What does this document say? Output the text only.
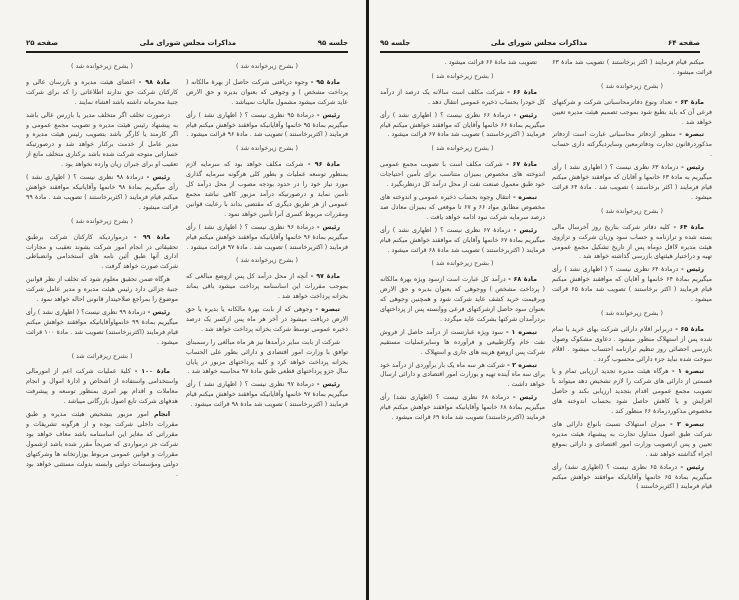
صفحه ۲۵	مذاکرات مجلس شورای ملی	جلسه ۹۵

( بشرح زیرخوانده شد )

مادهٔ ۹۵ - وجوه دریافتی شرکت حاصل از بهرهٔ مالکانه ( پرداخت مشخص ) و وجوهی که بعنوان بدیره و حق الارض عاید شرکت میشود مشمول مالیات نمیباشد .

رئیس - درمادهٔ ۹۵ نظری نیست ؟ ( اظهاری نشد ) رأی میگیریم بمادهٔ ۹۵ خانمها وآقایانیکه موافقند خواهش میکنم قیام فرمایند ( اکثربرخاستند ) تصویب شد . مادهٔ ۹۶ قرائت میشود .

( بشرح زیرخوانده شد )

مادهٔ ۹۶ - شرکت مکلف خواهد بود که سرمایه لازم بمنظور توسعه عملیات و بطور کلی هرگونه سرمایه گذاری مورد نیاز خود را در حدود بودجه مصوب از محل درآمد کل تأمین نماید و درصورتیکه درآمد مزبور کافی نباشد مجمع عمومی از هر طریق دیگری که مقتضی بداند با رعایت قوانین ومقررات مربوط کسری آنرا تأمین خواهد نمود .

رئیس - درمادهٔ ۹۶ نظری نیست ؟ ( اظهاری نشد ) رأی میگیریم بمادهٔ ۹۶ خانمها وآقایانیکه موافقند خواهش میکنم قیام فرمایند ( اکثربرخاستند ) تصویب شد . مادهٔ ۹۷ قرائت میشود .

( بشرح زیرخوانده شد )

مادهٔ ۹۷ - آنچه از محل درآمد کل پس ازوضع مبالغی که بموجب مقررات این اساسنامه پرداخت میشود باقی بماند بخزانه پرداخت خواهد شد .

تبصره - وجوهی که از بابت بهرهٔ مالکانه یا بدیره یا حق الارض دریافت میشود در آخر هر ماه پس ازکسر یک درصد ذخیره عمومی توسط شرکت بخزانه پرداخت خواهد شد .

شرکت از بابت سایر درآمدها نیز هر ماه مبالغی را رسمبنای توافق با وزارت امور اقتصادی و دارائی بطور علی الحساب بخزانه پرداخت خواهد کرد و کلیه پرداختهای مزبور در پایان سال جزو پرداختهای قطعی طبق مادهٔ ۹۷ محاسبه خواهد شد .

رئیس - درمادهٔ ۹۷ نظری نیست ؟ ( اظهاری نشد ) رأی میگیریم بمادهٔ ۹۷ خانمها وآقایانیکه موافقند خواهش میکنم قیام فرمایند ( اکثربرخاستند ) تصویب شد مادهٔ ۹۸ قرائت میشود .

( بشرح زیرخوانده شد )

مادهٔ ۹۸ - اعضای هیئت مدیره و بازرسان عالی و کارکنان شرکت حق ندارند اطلاعاتی را که برای شرکت جنبهٔ محرمانه داشته باشد افشاء نمایند .

درصورت تخلف اگر متخلف مدیر یا بازرس عالی باشد به پیشنهاد رئیس هیئت مدیره و تصویب مجمع عمومی و اگر کارمند یا کارگر باشد بتصویب رئیس هیئت مدیره و مدیر عامل از خدمت برکنار خواهد شد و درصورتیکه خساراتی متوجه شرکت شده باشد برکناری متخلف مانع از تعقیب او برای جبران زیان وارده نخواهد بود .

رئیس - درمادهٔ ۹۸ نظری نیست ؟ ( اظهاری نشد ) رأی میگیریم بمادهٔ ۹۸ خانمها وآقایانیکه موافقند خواهش میکنم قیام فرمایند ( اکثربرخاستند ) تصویب شد . مادهٔ ۹۹ قرائت میشود .

( بشرح زیرخوانده شد )

مادهٔ ۹۹ - درمواردیکه کارکنان شرکت برطبق تحقیقاتی در انجام امور شرکت بشوند تعقیب و مجازات اداری آنها طبق آئین نامه های استخدامی وانضباطی شرکت صورت خواهد گرفت .

هرگاه ضمن تحقیق معلوم شود که تخلف از نظر قوانین جنبهٔ جزائی دارد رئیس هیئت مدیره و مدیر عامل شرکت موضوع را بمراجع صلاحیتدار قانونی احاله خواهد نمود .

رئیس - درمادهٔ ۹۹ نظری نیست؟ ( اظهاری نشد ) رأی میگیریم بمادهٔ ۹۹ خانمهاوآقایانیکه موافقند خواهش میکنم قیام فرمایند (اکثربرخاستند) تصویب شد . مادهٔ ۱۰۰ قرائت میشود .

( بشرح زیرقرائت شد )

مادهٔ ۱۰۰ - کلیهٔ عملیات شرکت اعم از امورمالی واستخدامی واستفاده از اشخاص و ادارهٔ اموال و انجام معاملات و اقدام بهر امری بمنظور توسعه و پیشرفت هدفهای شرکت تابع اصول بازرگانی میباشد .

انجام امور مزبور بتشخیص هیئت مدیره و طبق مقررات داخلی شرکت بوده و از هرگونه تشریفات و مقرراتی که مغایر این اساسنامه باشد معاف خواهد بود شرکت جز درمواردی که صریحاً مقرر شده باشد ازشمول مقررات و قوانین عمومی مربوط بوزارتخانه ها وشرکتهای دولتی ومؤسسات دولتی وابسته بدولت مستثنی خواهد بود .

جلسه ۹۵	مذاکرات مجلس شورای ملی	صفحه ۶۴

میکنم قیام فرمایند ( اکثر برخاستند ) تصویب شد مادهٔ ۶۳ قرائت میشود .

( بشرح زیرخوانده شد )

مادهٔ ۶۳ - تعداد ونوع دفاترمحاسباتی شرکت و شرکتهای فرعی آن که باید بطبع شود بموجب تصمیم هیئت مدیره تعیین خواهد شد .

تبصره - منظور ازدفاتر محاسباتی عبارت است ازدفاتر مذکوردرقانون تجارت ودفاترمعین وسایردیگرکنه داری حساب .

رئیس - درمادهٔ ۶۳ نظری نیست ؟ ( اظهاری نشد ) رأی میگیریم به مادهٔ ۶۳ خانمها و آقایان که موافقند خواهش میکنم قیام فرمایند ( اکثر برخاستند ) تصویب شد . مادهٔ ۶۴ قرائت میشود .

( بشرح زیرخوانده شد )

مادهٔ ۶۴ - کلیه دفاتر شرکت بتاریخ روز آخرسال مالی بسته شده و ترازنامه و حساب سود وزیان شرکت و ترازوی هیئت مدیره لااقل دوماه پس از تاریخ تشکیل مجمع عمومی تهیه و دراختیار هیئتهای بازرسی گذاشته خواهد شد .

رئیس - درمادهٔ ۶۴ نظری نیست ؟ ( اظهاری نشد ) رأی میگیریم بمادهٔ ۶۴ خانمها و آقایان که موافقند خواهش میکنم قیام فرمایند ( اکثر برخاستند ) تصویب شد مادهٔ ۶۵ قرائت میشود .

( بشرح زیرخوانده شد )

مادهٔ ۶۵ - دربرابر اقلام دارائی شرکت بهای خرید یا تمام شده پس از استهلاک منظور میشود . دعاوی مشکوک وصول بازرسی احصائی روز تنظیم ترازنامه احتساب میشود . اقلام سوخت شده نباید جزء دارائی محسوب گردد .

تبصره ۱ - هرگاه هیئت مدیره تجدید ارزیابی تمام و یا قسمتی از دارائی های شرکت را لازم تشخیص دهد میتواند با تصویب مجمع عمومی اقدام بتجدید ارزیابی بکند و حاصل افزایش و یا کاهش حاصل شود بحساب اندوخته های مخصوص مذکوردرمادهٔ ۶۶ منظور کند .

تبصره ۲ - میزان استهلاک نسبت بانواع دارائی های شرکت طبق اصول متداول تجارت به پیشنهاد هیئت مدیره تعیین و پس ازتصویب وزارت امور اقتصادی و دارائی بموقع اجراء گذاشته خواهد شد .

رئیس - درمادهٔ ۶۵ نظری نیست ؟ (اظهاری نشد) رأی میگیریم بمادهٔ ۶۵ خانمها وآقایانیکه موافقند خواهش میکنم قیام فرمایند ( اکثربرخاستند )

تصویب شد مادهٔ ۶۶ قرائت میشود .

( بشرح زیرخوانده شد )

مادهٔ ۶۶ - شرکت مکلف است سالانه یک درصد از درآمد کل خودرا بحساب ذخیره عمومی انتقال دهد .

رئیس - درمادهٔ ۶۶ نظری نیست ؟ ( اظهاری نشد ) رأی میگیریم بمادهٔ ۶۶ خانمها وآقایان که موافقند خواهش میکنم قیام فرمایند ( اکثربرخاستند ) تصویب شد مادهٔ ۶۷ قرائت میشود .

( بشرح زیرخوانده شد )

مادهٔ ۶۷ - شرکت مکلف است با تصویب مجمع عمومی اندوخته های مخصوص بمیزان متناسب برای تأمین احتیاجات خود طبق معمول صنعت نفت از محل درآمد کل درنظربگیرد .

تبصره - انتقال وجوه بحساب ذخیره عمومی و اندوخته های مخصوص مطابق مواد ۶۶ و ۶۷ تا موقعی که بمیزان معادل صد درصد سرمایه شرکت نبود ادامه خواهد یافت .

رئیس - درمادهٔ ۶۷ نظری نیست ؟ ( اظهاری نشد ) رأی میگیریم بمادهٔ ۶۷ خانمها وآقایان که موافقند خواهش میکنم قیام فرمایند ( اکثربرخاستند ) تصویب شد مادهٔ ۶۸ قرائت میشود .

( بشرح زیرخوانده شد )

مادهٔ ۶۸ - درآمد کل عبارت است ازسود ویژه بهرهٔ مالکانه ( پرداخت مشخص ) ووجوهی که بعنوان بدیره و حق الارض وبرقیمت خرید کشف عاید شرکت شود و همچنین وجوهی که بعنوان سود حاصل ازشرکتهای فرعی ووابسته پس از پرداختهای بردرآمدان شرکتها بشرکت عاید میگردد .

تبصره ۱ - سود ویژه عبارتست از درآمد حاصل از فروش نفت خام وگازطبیعی و فرآورده ها وسایرعملیات مستقیم شرکت پس ازوضع هزینه های جاری و استهلاک .

تبصره ۲ - شرکت هر سه ماه یک بار برآوردی از درآمد خود برای سه ماه آینده تهیه و بوزارت امور اقتصادی و دارائی ارسال خواهد داشت .

رئیس - درمادهٔ ۶۸ نظری نیست ؟ (اظهاری نشد) رأی میگیریم بمادهٔ ۶۸ خانمها وآقایانیکه موافقند خواهش میکنم قیام فرمایند (اکثربرخاستند) تصویب شد مادهٔ ۶۹ قرائت میشود .
